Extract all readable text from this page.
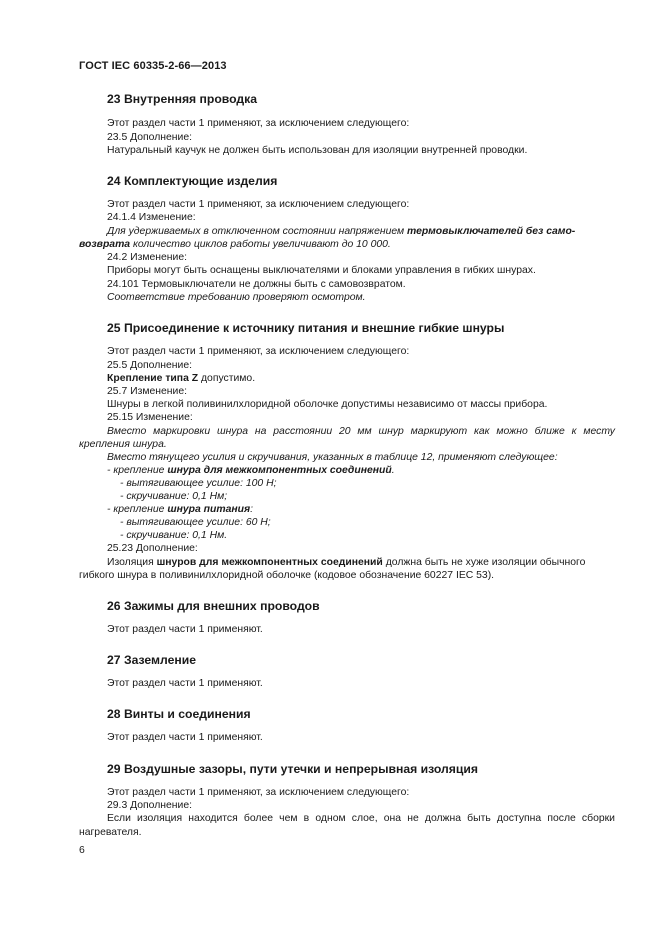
ГОСТ IEC 60335-2-66—2013
23 Внутренняя проводка
Этот раздел части 1 применяют, за исключением следующего:
23.5 Дополнение:
Натуральный каучук не должен быть использован для изоляции внутренней проводки.
24 Комплектующие изделия
Этот раздел части 1 применяют, за исключением следующего:
24.1.4 Изменение:
Для удерживаемых в отключенном состоянии напряжением термовыключателей без само-
возврата количество циклов работы увеличивают до 10 000.
24.2 Изменение:
Приборы могут быть оснащены выключателями и блоками управления в гибких шнурах.
24.101 Термовыключатели не должны быть с самовозвратом.
Соответствие требованию проверяют осмотром.
25 Присоединение к источнику питания и внешние гибкие шнуры
Этот раздел части 1 применяют, за исключением следующего:
25.5 Дополнение:
Крепление типа Z допустимо.
25.7 Изменение:
Шнуры в легкой поливинилхлоридной оболочке допустимы независимо от массы прибора.
25.15 Изменение:
Вместо маркировки шнура на расстоянии 20 мм шнур маркируют как можно ближе к месту
крепления шнура.
Вместо тянущего усилия и скручивания, указанных в таблице 12, применяют следующее:
- крепление шнура для межкомпонентных соединений.
- вытягивающее усилие: 100 Н;
- скручивание: 0,1 Нм;
- крепление шнура питания:
- вытягивающее усилие: 60 Н;
- скручивание: 0,1 Нм.
25.23 Дополнение:
Изоляция шнуров для межкомпонентных соединений должна быть не хуже изоляции обычного
гибкого шнура в поливинилхлоридной оболочке (кодовое обозначение 60227 IEC 53).
26 Зажимы для внешних проводов
Этот раздел части 1 применяют.
27 Заземление
Этот раздел части 1 применяют.
28 Винты и соединения
Этот раздел части 1 применяют.
29 Воздушные зазоры, пути утечки и непрерывная изоляция
Этот раздел части 1 применяют, за исключением следующего:
29.3 Дополнение:
Если изоляция находится более чем в одном слое, она не должна быть доступна после сборки нагревателя.
6
